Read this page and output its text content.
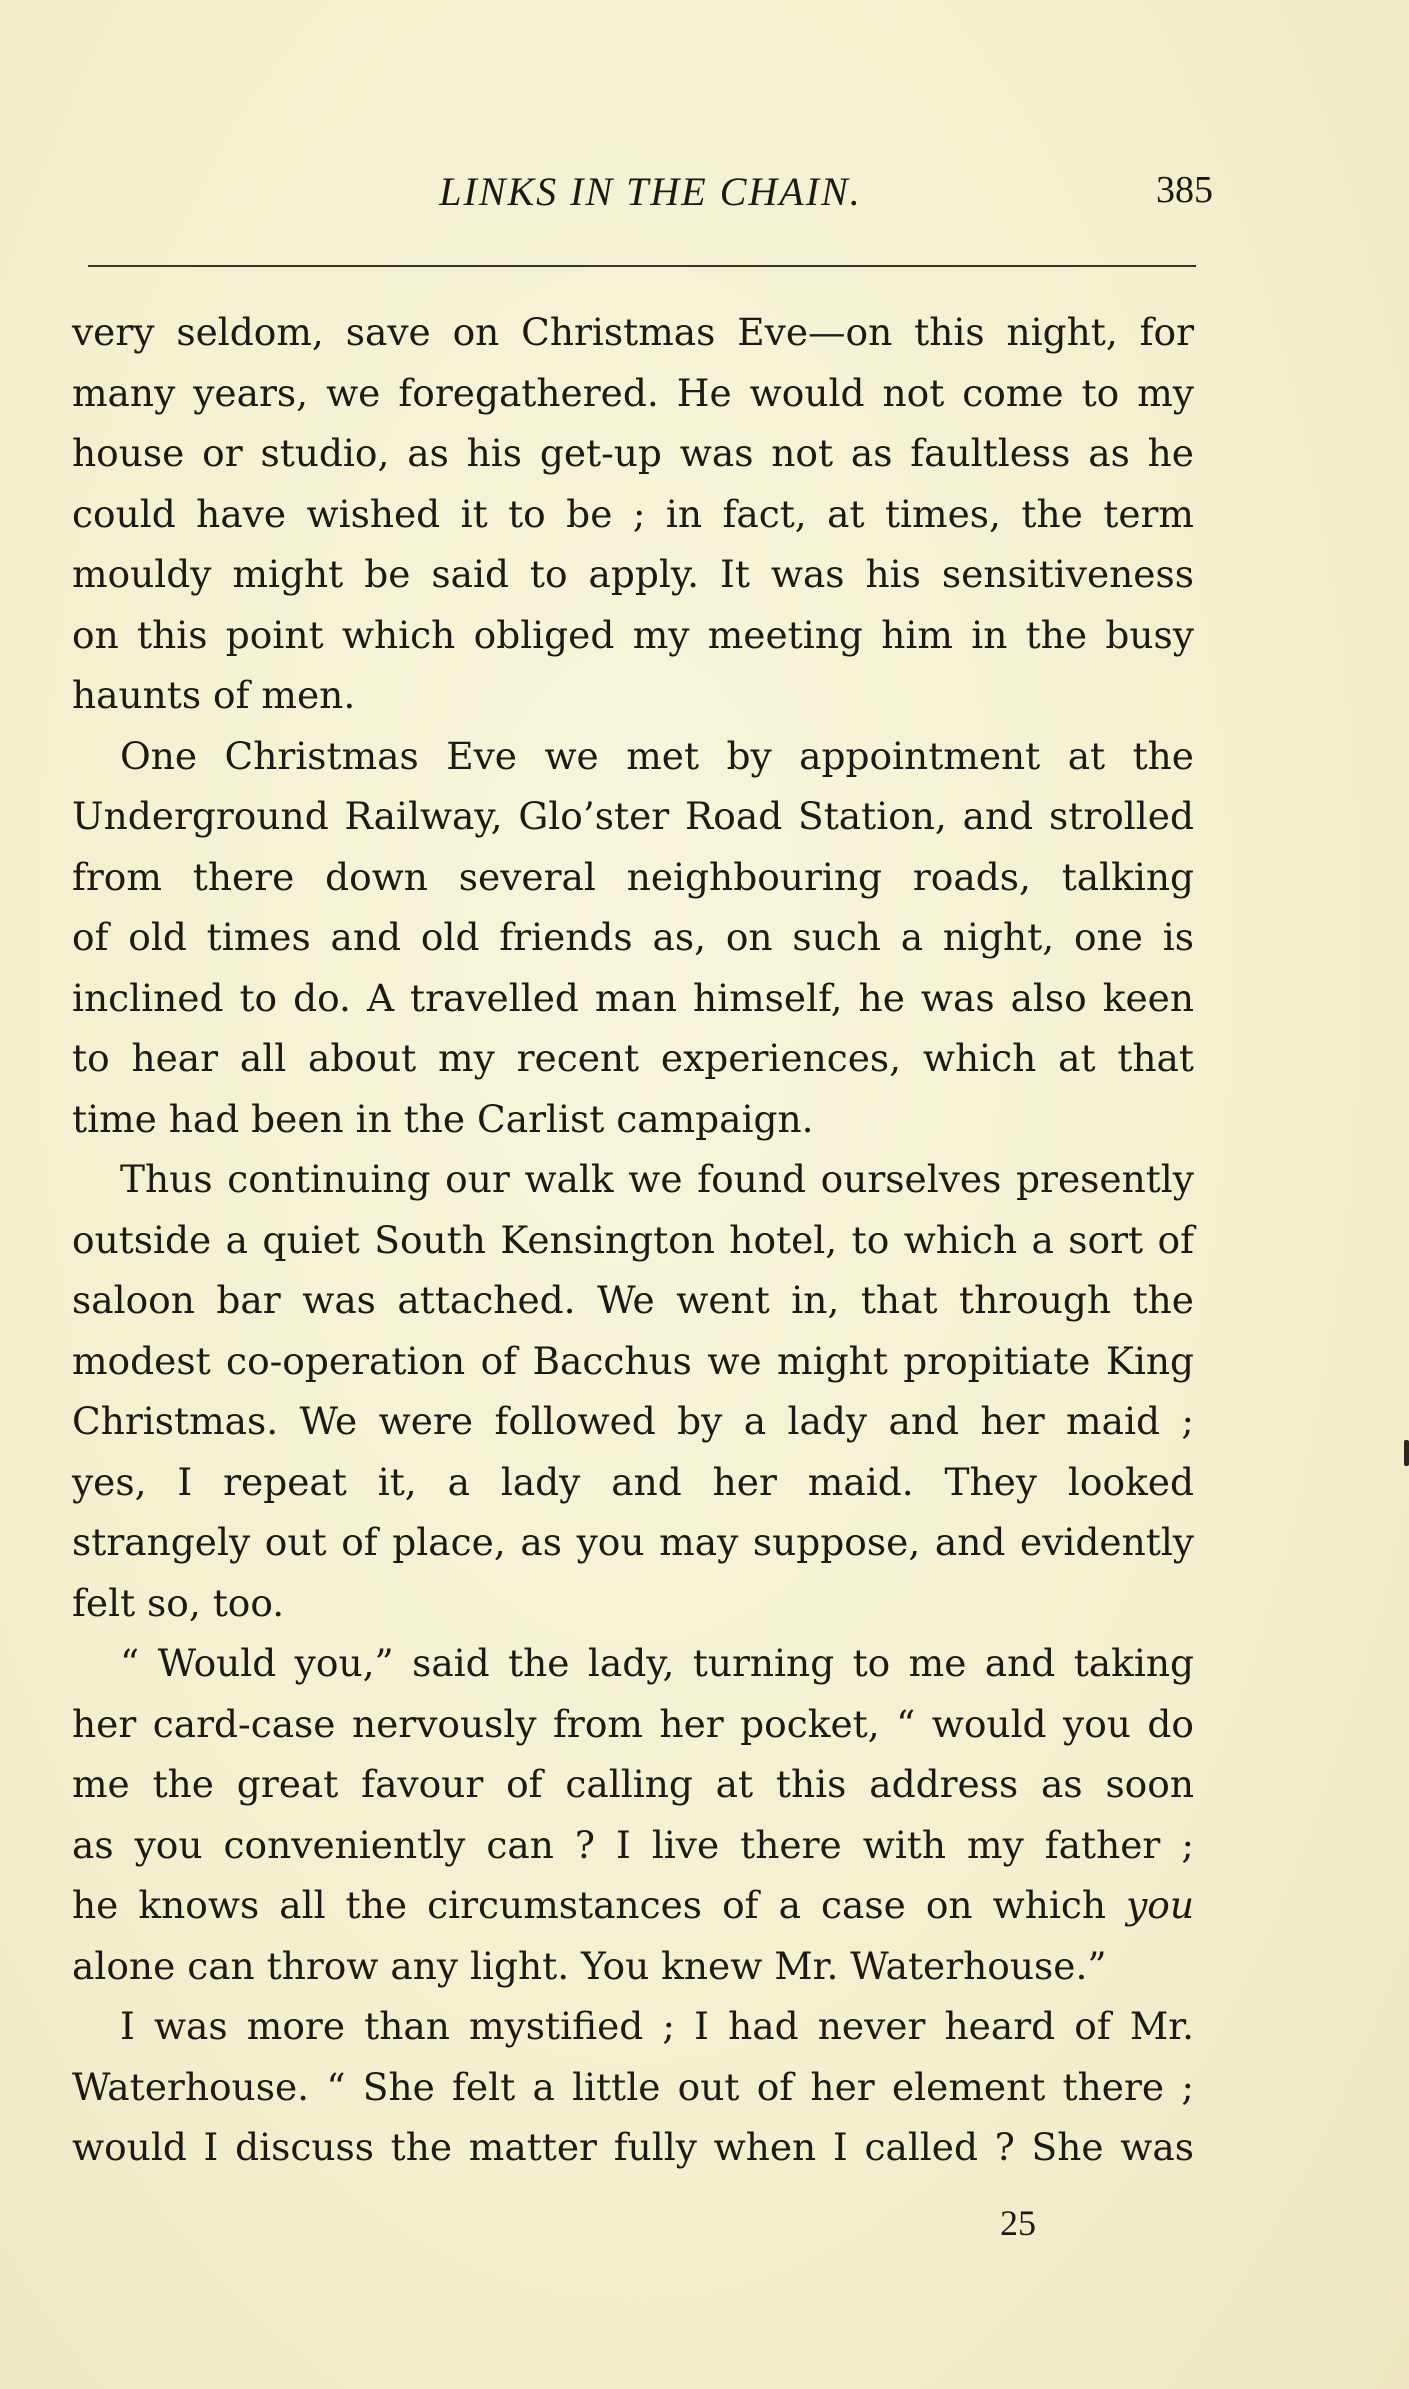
LINKS IN THE CHAIN.	385
very seldom, save on Christmas Eve—on this night, for
many years, we foregathered. He would not come to my
house or studio, as his get-up was not as faultless as he
could have wished it to be ; in fact, at times, the term
mouldy might be said to apply. It was his sensitiveness
on this point which obliged my meeting him in the busy
haunts of men.
One Christmas Eve we met by appointment at the
Underground Railway, Glo’ster Road Station, and strolled
from there down several neighbouring roads, talking
of old times and old friends as, on such a night, one is
inclined to do. A travelled man himself, he was also keen
to hear all about my recent experiences, which at that
time had been in the Carlist campaign.
Thus continuing our walk we found ourselves presently
outside a quiet South Kensington hotel, to which a sort of
saloon bar was attached. We went in, that through the
modest co-operation of Bacchus we might propitiate King
Christmas. We were followed by a lady and her maid ;
yes, I repeat it, a lady and her maid. They looked
strangely out of place, as you may suppose, and evidently
felt so, too.
“ Would you,” said the lady, turning to me and taking
her card-case nervously from her pocket, “ would you do
me the great favour of calling at this address as soon
as you conveniently can ? I live there with my father ;
he knows all the circumstances of a case on which you
alone can throw any light. You knew Mr. Waterhouse.”
I was more than mystified ; I had never heard of Mr.
Waterhouse. “ She felt a little out of her element there ;
would I discuss the matter fully when I called ? She was
25
